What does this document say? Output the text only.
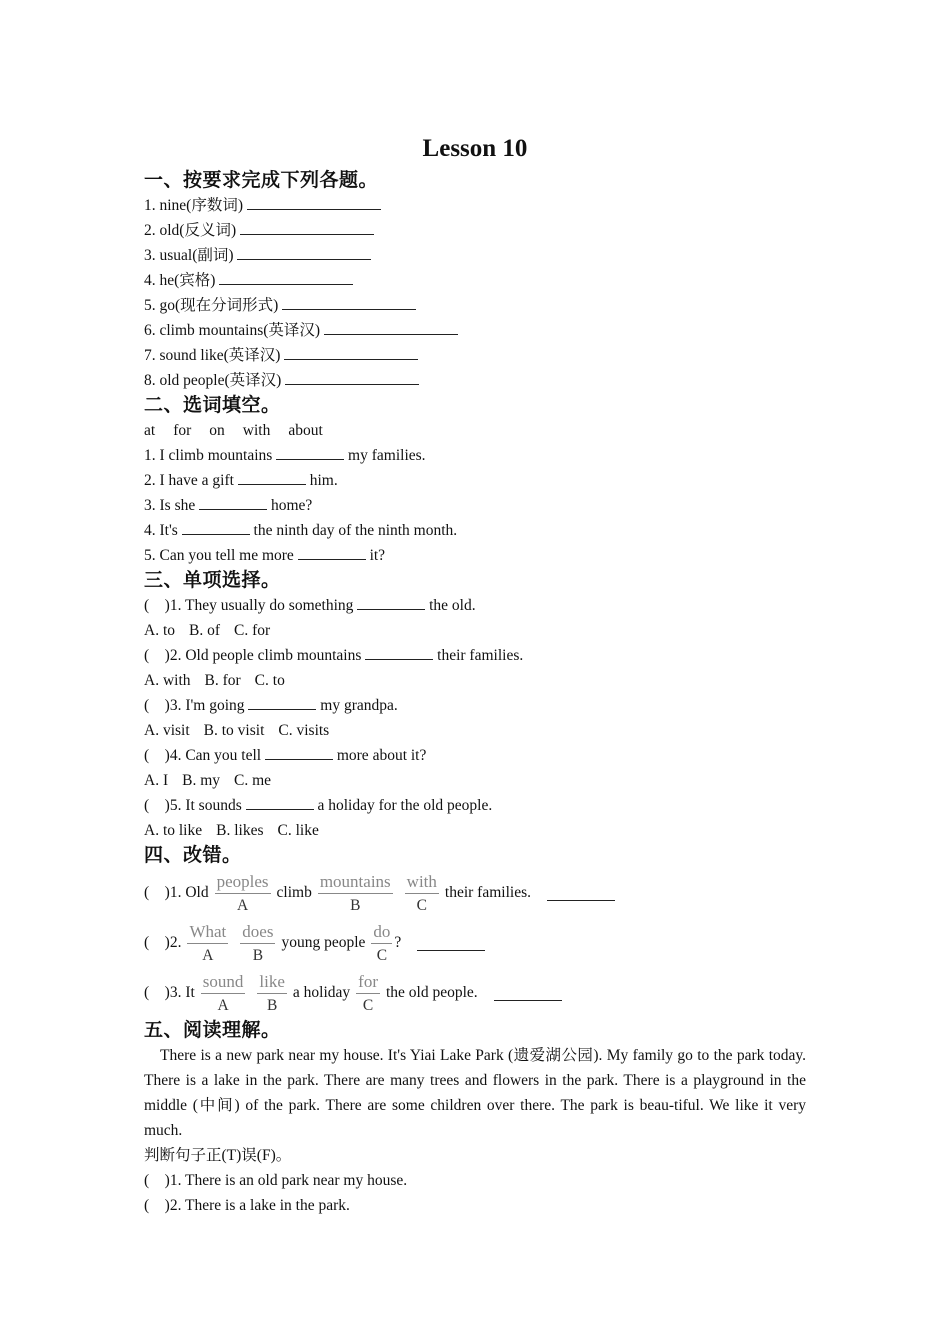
Lesson 10
一、按要求完成下列各题。
1. nine(序数词)
2. old(反义词)
3. usual(副词)
4. he(宾格)
5. go(现在分词形式)
6. climb mountains(英译汉)
7. sound like(英译汉)
8. old people(英译汉)
二、选词填空。
at for on with about
1. I climb mountains	my families.
2. I have a gift	him.
3. Is she	home?
4. It's	the ninth day of the ninth month.
5. Can you tell me more	it?
三、单项选择。
(    )1. They usually do something	the old.
A. to B. of C. for
(    )2. Old people climb mountains	their families.
A. with B. for C. to
(    )3. I'm going	my grandpa.
A. visit B. to visit C. visits
(    )4. Can you tell	more about it?
A. I B. my C. me
(    )5. It sounds	a holiday for the old people.
A. to like B. likes C. like
四、改错。
(    )1. Old
peoples
A
climb
mountains
B
with
C
their families.
(    )2.
What
A
does
B
young people
do
C
?
(    )3. It
sound
A
like
B
a holiday
for
C
the old people.
五、阅读理解。

There is a new park near my house. It's Yiai Lake Park (遗爱湖公园). My family go to the park today. There is a lake in the park. There are many trees and flowers in the park. There is a playground in the middle (中间) of the park. There are some children over there. The park is beau-tiful. We like it very much.

判断句子正(T)误(F)。
(    )1. There is an old park near my house.
(    )2. There is a lake in the park.
